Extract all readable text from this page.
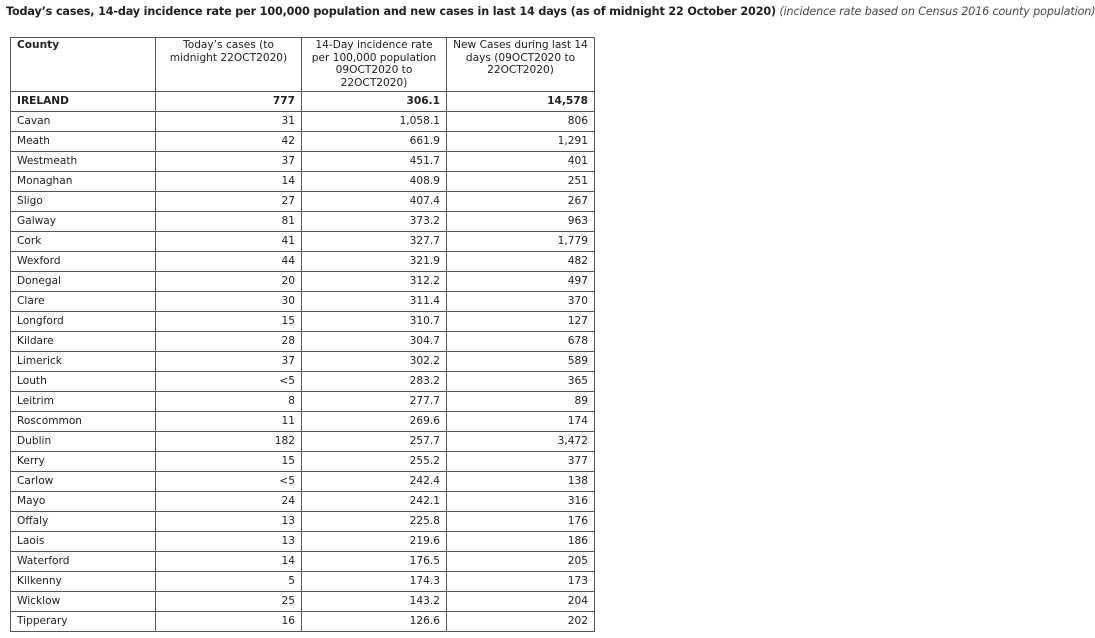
Today’s cases, 14-day incidence rate per 100,000 population and new cases in last 14 days (as of midnight 22 October 2020) (incidence rate based on Census 2016 county population)
County	Today’s cases (to midnight 22OCT2020)	14-Day incidence rate per 100,000 population 09OCT2020 to 22OCT2020)	New Cases during last 14 days (09OCT2020 to 22OCT2020)
IRELAND	777	306.1	14,578
Cavan	31	1,058.1	806
Meath	42	661.9	1,291
Westmeath	37	451.7	401
Monaghan	14	408.9	251
Sligo	27	407.4	267
Galway	81	373.2	963
Cork	41	327.7	1,779
Wexford	44	321.9	482
Donegal	20	312.2	497
Clare	30	311.4	370
Longford	15	310.7	127
Kildare	28	304.7	678
Limerick	37	302.2	589
Louth	<5	283.2	365
Leitrim	8	277.7	89
Roscommon	11	269.6	174
Dublin	182	257.7	3,472
Kerry	15	255.2	377
Carlow	<5	242.4	138
Mayo	24	242.1	316
Offaly	13	225.8	176
Laois	13	219.6	186
Waterford	14	176.5	205
Kilkenny	5	174.3	173
Wicklow	25	143.2	204
Tipperary	16	126.6	202
